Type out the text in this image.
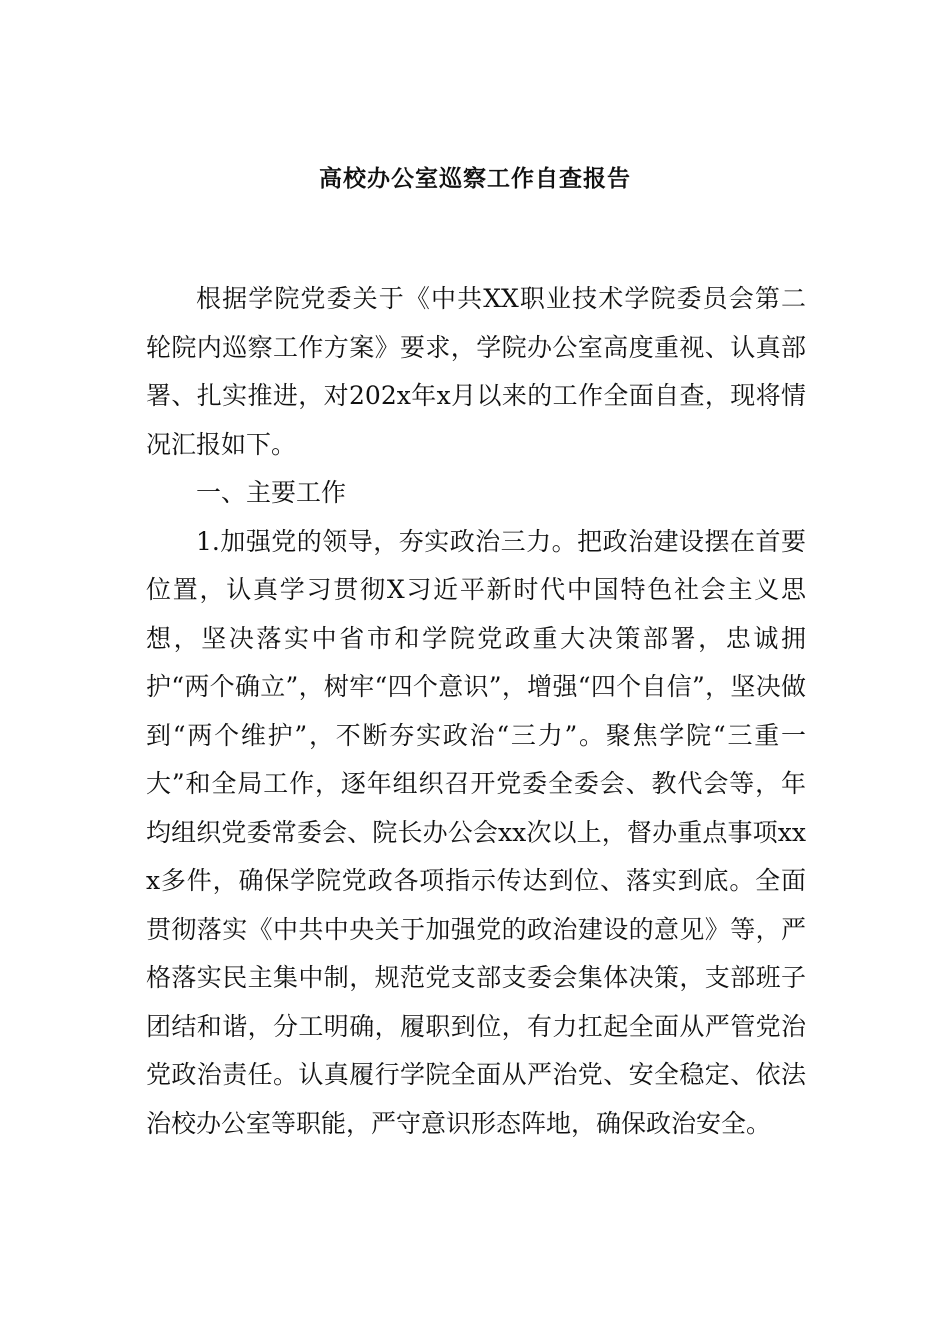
高校办公室巡察工作自查报告

根据学院党委关于《中共XX职业技术学院委员会第二轮院内巡察工作方案》要求，学院办公室高度重视、认真部署、扎实推进，对202x年x月以来的工作全面自查，现将情况汇报如下。

一、主要工作

1.加强党的领导，夯实政治三力。把政治建设摆在首要位置，认真学习贯彻X习近平新时代中国特色社会主义思想，坚决落实中省市和学院党政重大决策部署，忠诚拥护“两个确立”，树牢“四个意识”，增强“四个自信”，坚决做到“两个维护”，不断夯实政治“三力”。聚焦学院“三重一大”和全局工作，逐年组织召开党委全委会、教代会等，年均组织党委常委会、院长办公会xx次以上，督办重点事项xxx多件，确保学院党政各项指示传达到位、落实到底。全面贯彻落实《中共中央关于加强党的政治建设的意见》等，严格落实民主集中制，规范党支部支委会集体决策，支部班子团结和谐，分工明确，履职到位，有力扛起全面从严管党治党政治责任。认真履行学院全面从严治党、安全稳定、依法治校办公室等职能，严守意识形态阵地，确保政治安全。
